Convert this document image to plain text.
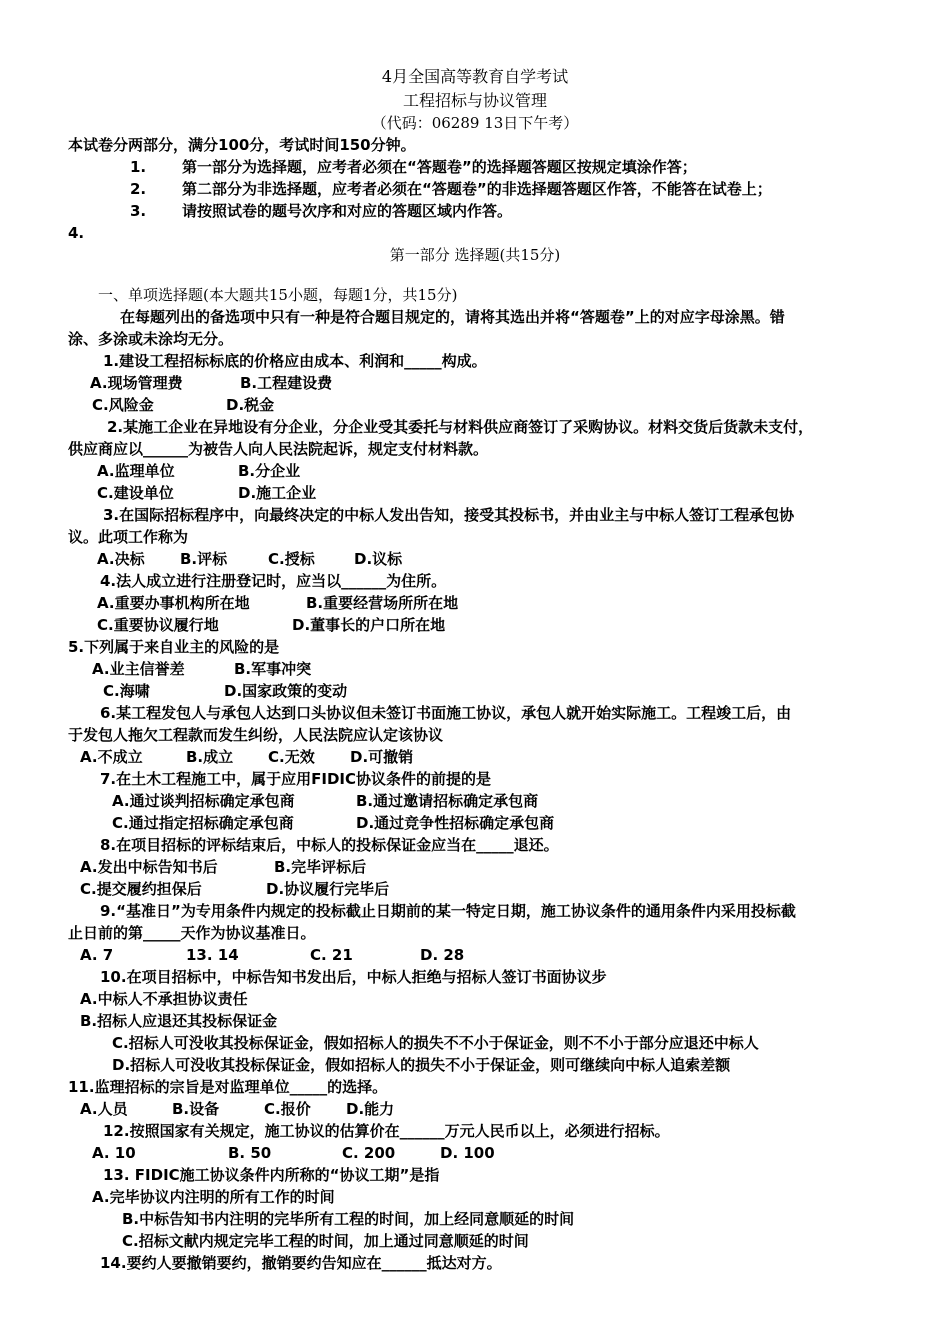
4月全国高等教育自学考试
工程招标与协议管理
（代码：06289 13日下午考）
本试卷分两部分，满分100分，考试时间150分钟。
1. 第一部分为选择题，应考者必须在“答题卷”的选择题答题区按规定填涂作答；
2. 第二部分为非选择题，应考者必须在“答题卷”的非选择题答题区作答，不能答在试卷上；
3. 请按照试卷的题号次序和对应的答题区域内作答。
4.
第一部分 选择题(共15分)
一、单项选择题(本大题共15小题，每题1分，共15分)
在每题列出的备选项中只有一种是符合题目规定的，请将其选出并将“答题卷”上的对应字母涂黑。错
涂、多涂或未涂均无分。
1.建设工程招标标底的价格应由成本、利润和_____构成。
A.现场管理费	B.工程建设费
C.风险金	D.税金
2.某施工企业在异地设有分企业，分企业受其委托与材料供应商签订了采购协议。材料交货后货款未支付，
供应商应以______为被告人向人民法院起诉，规定支付材料款。
A.监理单位	B.分企业
C.建设单位	D.施工企业
3.在国际招标程序中，向最终决定的中标人发出告知，接受其投标书，并由业主与中标人签订工程承包协
议。此项工作称为
A.决标 B.评标	C.授标	D.议标
4.法人成立进行注册登记时，应当以______为住所。
A.重要办事机构所在地	B.重要经营场所所在地
C.重要协议履行地	D.董事长的户口所在地
5.下列属于来自业主的风险的是
A.业主信誉差	B.军事冲突
C.海啸	D.国家政策的变动
6.某工程发包人与承包人达到口头协议但未签订书面施工协议，承包人就开始实际施工。工程竣工后，由
于发包人拖欠工程款而发生纠纷，人民法院应认定该协议
A.不成立	B.成立 C.无效 D.可撤销
7.在土木工程施工中，属于应用FIDIC协议条件的前提的是
A.通过谈判招标确定承包商	B.通过邀请招标确定承包商
C.通过指定招标确定承包商	D.通过竞争性招标确定承包商
8.在项目招标的评标结束后，中标人的投标保证金应当在_____退还。
A.发出中标告知书后	B.完毕评标后
C.提交履约担保后	D.协议履行完毕后
9.“基准日”为专用条件内规定的投标截止日期前的某一特定日期，施工协议条件的通用条件内采用投标截
止日前的第_____天作为协议基准日。
A. 7	13. 14	C. 21	D. 28
10.在项目招标中，中标告知书发出后，中标人拒绝与招标人签订书面协议步
A.中标人不承担协议责任
B.招标人应退还其投标保证金
C.招标人可没收其投标保证金，假如招标人的损失不不小于保证金，则不不小于部分应退还中标人
D.招标人可没收其投标保证金，假如招标人的损失不小于保证金，则可继续向中标人追索差额
11.监理招标的宗旨是对监理单位_____的选择。
A.人员	B.设备	C.报价 D.能力
12.按照国家有关规定，施工协议的估算价在______万元人民币以上，必须进行招标。
A. 10	B. 50	C. 200	D. 100
13. FIDIC施工协议条件内所称的“协议工期”是指
A.完毕协议内注明的所有工作的时间
B.中标告知书内注明的完毕所有工程的时间，加上经同意顺延的时间
C.招标文献内规定完毕工程的时间，加上通过同意顺延的时间
14.要约人要撤销要约，撤销要约告知应在______抵达对方。
